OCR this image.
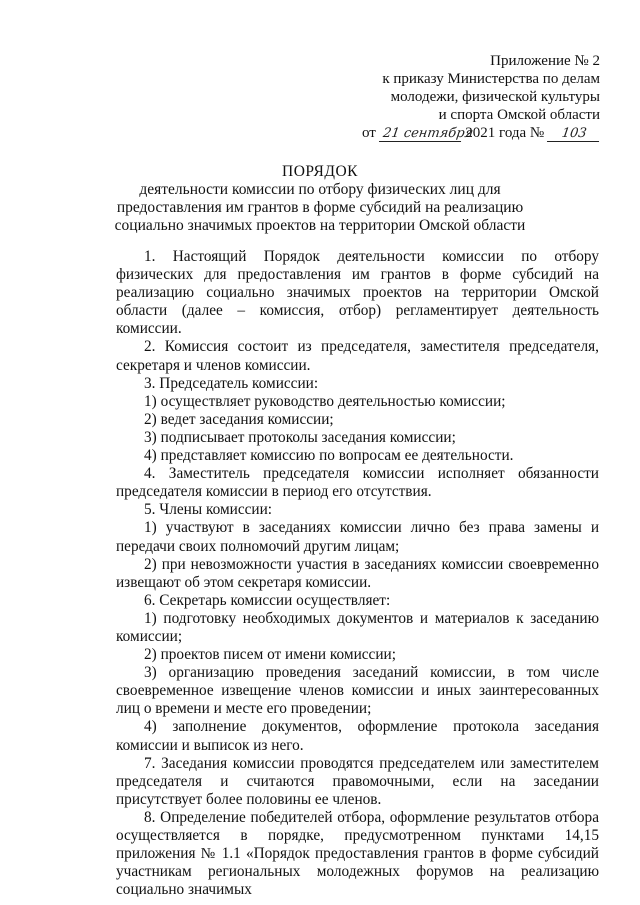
Приложение № 2
к приказу Министерства по делам
молодежи, физической культуры
и спорта Омской области
от 21 сентября 2021 года № 103
ПОРЯДОК
деятельности комиссии по отбору физических лиц для предоставления им грантов в форме субсидий на реализацию социально значимых проектов на территории Омской области

1. Настоящий Порядок деятельности комиссии по отбору физических для предоставления им грантов в форме субсидий на реализацию социально значимых проектов на территории Омской области (далее – комиссия, отбор) регламентирует деятельность комиссии.

2. Комиссия состоит из председателя, заместителя председателя, секретаря и членов комиссии.

3. Председатель комиссии:

1) осуществляет руководство деятельностью комиссии;

2) ведет заседания комиссии;

3) подписывает протоколы заседания комиссии;

4) представляет комиссию по вопросам ее деятельности.

4. Заместитель председателя комиссии исполняет обязанности председателя комиссии в период его отсутствия.

5. Члены комиссии:

1) участвуют в заседаниях комиссии лично без права замены и передачи своих полномочий другим лицам;

2) при невозможности участия в заседаниях комиссии своевременно извещают об этом секретаря комиссии.

6. Секретарь комиссии осуществляет:

1) подготовку необходимых документов и материалов к заседанию комиссии;

2) проектов писем от имени комиссии;

3) организацию проведения заседаний комиссии, в том числе своевременное извещение членов комиссии и иных заинтересованных лиц о времени и месте его проведении;

4) заполнение документов, оформление протокола заседания комиссии и выписок из него.

7. Заседания комиссии проводятся председателем или заместителем председателя и считаются правомочными, если на заседании присутствует более половины ее членов.

8. Определение победителей отбора, оформление результатов отбора осуществляется в порядке, предусмотренном пунктами 14,15 приложения № 1.1 «Порядок предоставления грантов в форме субсидий участникам региональных молодежных форумов на реализацию социально значимых
